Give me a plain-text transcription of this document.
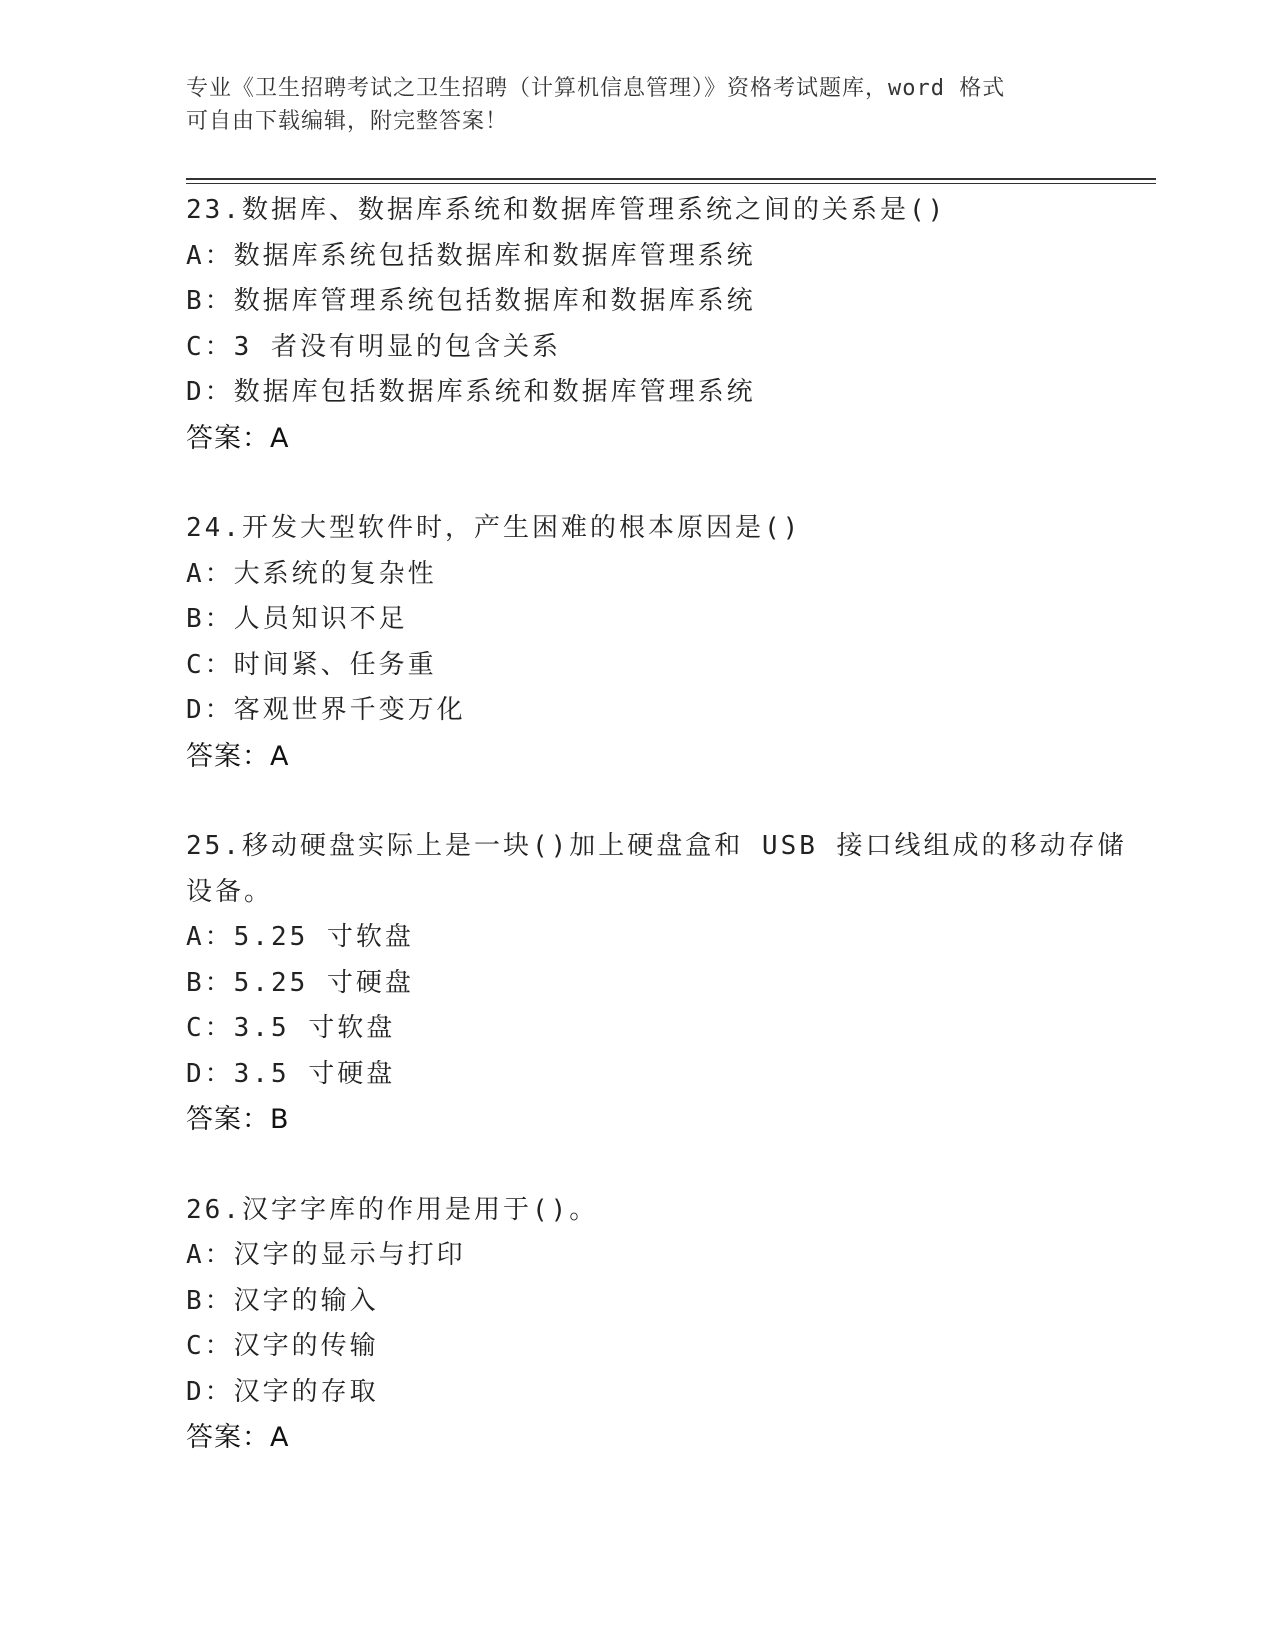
专业《卫生招聘考试之卫生招聘（计算机信息管理）》资格考试题库，word 格式
可自由下载编辑，附完整答案！
23.数据库、数据库系统和数据库管理系统之间的关系是()
A：数据库系统包括数据库和数据库管理系统
B：数据库管理系统包括数据库和数据库系统
C：3 者没有明显的包含关系
D：数据库包括数据库系统和数据库管理系统
答案：A
24.开发大型软件时，产生困难的根本原因是()
A：大系统的复杂性
B：人员知识不足
C：时间紧、任务重
D：客观世界千变万化
答案：A
25.移动硬盘实际上是一块()加上硬盘盒和 USB 接口线组成的移动存储
设备。
A：5.25 寸软盘
B：5.25 寸硬盘
C：3.5 寸软盘
D：3.5 寸硬盘
答案：B
26.汉字字库的作用是用于()。
A：汉字的显示与打印
B：汉字的输入
C：汉字的传输
D：汉字的存取
答案：A
